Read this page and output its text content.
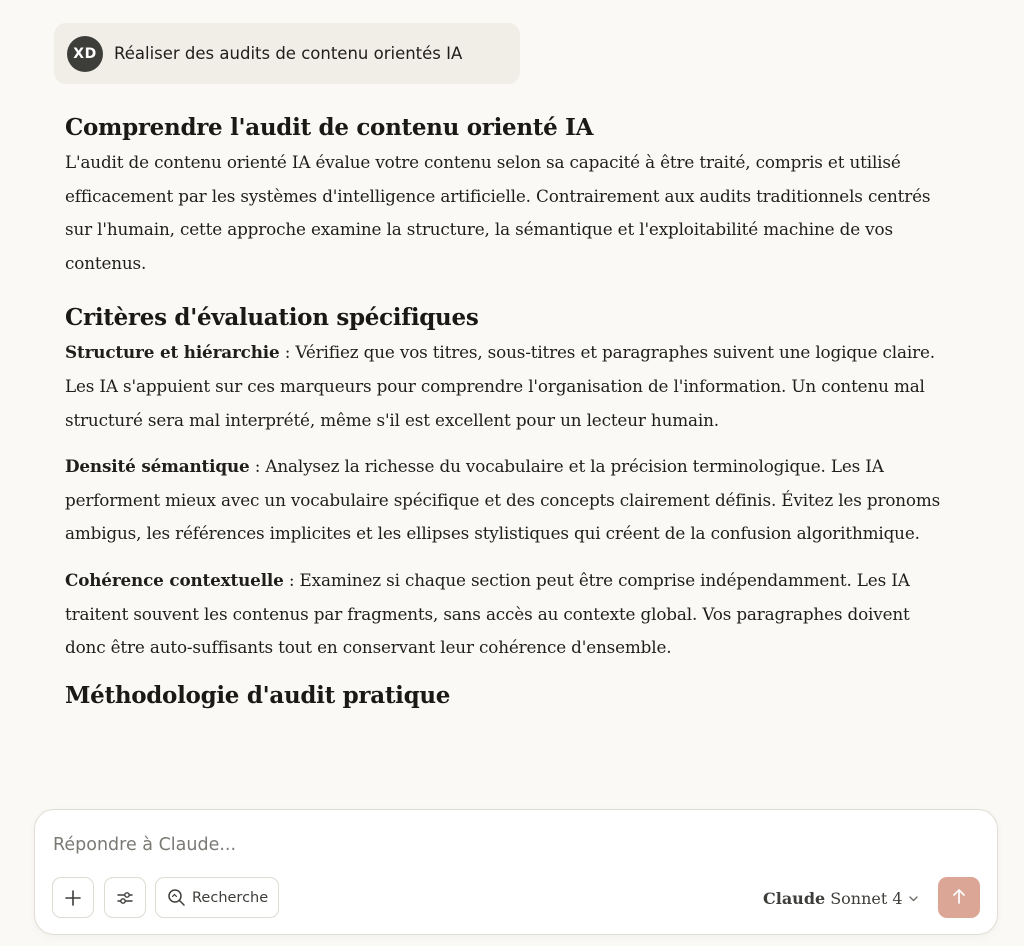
XD	Réaliser des audits de contenu orientés IA
Comprendre l'audit de contenu orienté IA

L'audit de contenu orienté IA évalue votre contenu selon sa capacité à être traité, compris et utilisé efficacement par les systèmes d'intelligence artificielle. Contrairement aux audits traditionnels centrés sur l'humain, cette approche examine la structure, la sémantique et l'exploitabilité machine de vos contenus.

Critères d'évaluation spécifiques

Structure et hiérarchie : Vérifiez que vos titres, sous-titres et paragraphes suivent une logique claire. Les IA s'appuient sur ces marqueurs pour comprendre l'organisation de l'information. Un contenu mal structuré sera mal interprété, même s'il est excellent pour un lecteur humain.

Densité sémantique : Analysez la richesse du vocabulaire et la précision terminologique. Les IA performent mieux avec un vocabulaire spécifique et des concepts clairement définis. Évitez les pronoms ambigus, les références implicites et les ellipses stylistiques qui créent de la confusion algorithmique.

Cohérence contextuelle : Examinez si chaque section peut être comprise indépendamment. Les IA traitent souvent les contenus par fragments, sans accès au contexte global. Vos paragraphes doivent donc être auto-suffisants tout en conservant leur cohérence d'ensemble.

Méthodologie d'audit pratique
Répondre à Claude...
Recherche	Claude Sonnet 4
